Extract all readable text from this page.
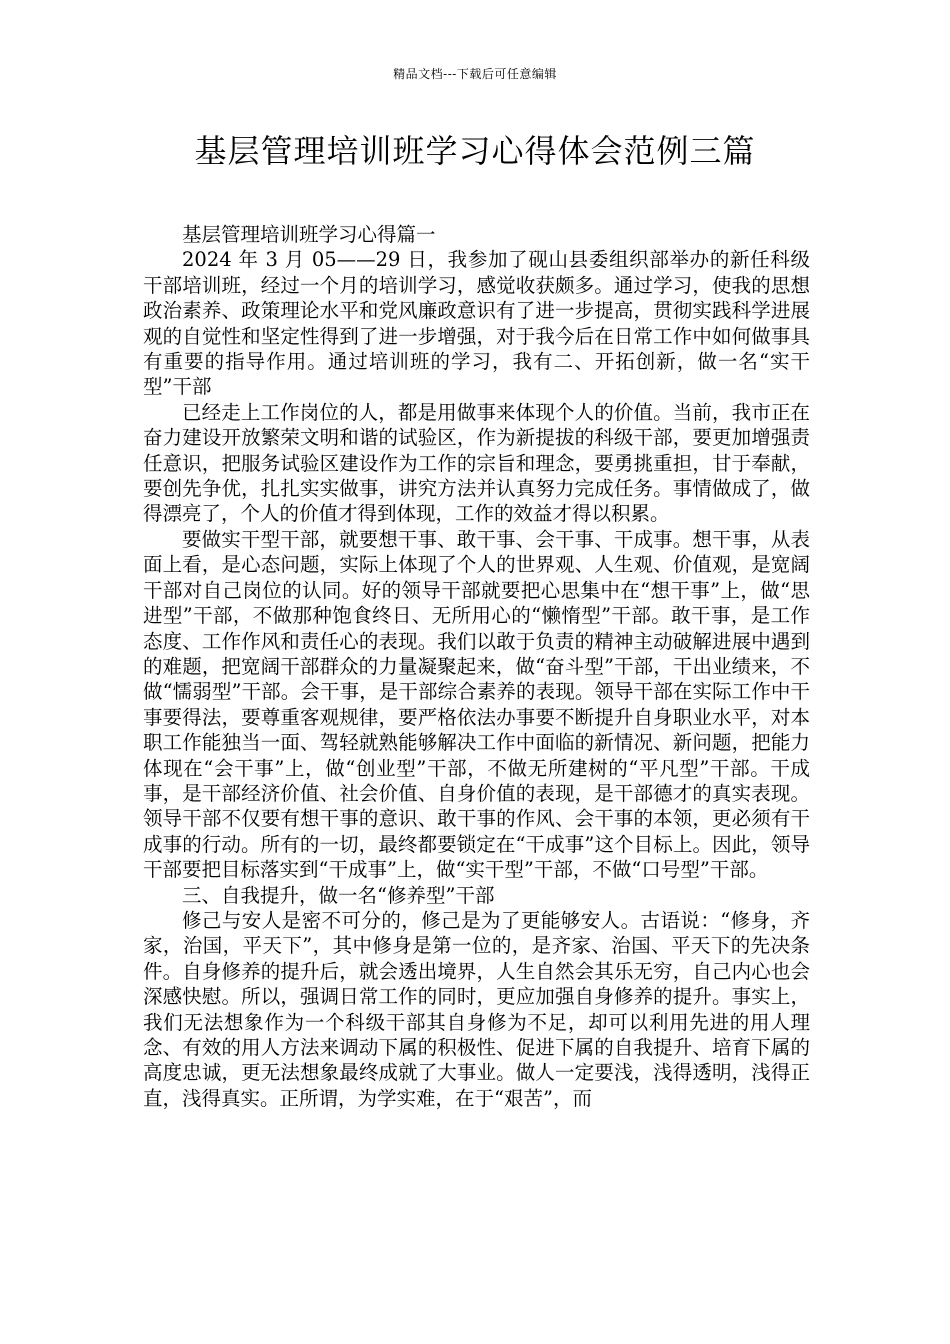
精品文档---下载后可任意编辑
基层管理培训班学习心得体会范例三篇

基层管理培训班学习心得篇一

2024 年 3 月 05——29 日，我参加了砚山县委组织部举办的新任科级干部培训班，经过一个月的培训学习，感觉收获颇多。通过学习，使我的思想政治素养、政策理论水平和党风廉政意识有了进一步提高，贯彻实践科学进展观的自觉性和坚定性得到了进一步增强，对于我今后在日常工作中如何做事具有重要的指导作用。通过培训班的学习，我有二、开拓创新，做一名“实干型”干部

已经走上工作岗位的人，都是用做事来体现个人的价值。当前，我市正在奋力建设开放繁荣文明和谐的试验区，作为新提拔的科级干部，要更加增强责任意识，把服务试验区建设作为工作的宗旨和理念，要勇挑重担，甘于奉献，要创先争优，扎扎实实做事，讲究方法并认真努力完成任务。事情做成了，做得漂亮了，个人的价值才得到体现，工作的效益才得以积累。

要做实干型干部，就要想干事、敢干事、会干事、干成事。想干事，从表面上看，是心态问题，实际上体现了个人的世界观、人生观、价值观，是宽阔干部对自己岗位的认同。好的领导干部就要把心思集中在“想干事”上，做“思进型”干部，不做那种饱食终日、无所用心的“懒惰型”干部。敢干事，是工作态度、工作作风和责任心的表现。我们以敢于负责的精神主动破解进展中遇到的难题，把宽阔干部群众的力量凝聚起来，做“奋斗型”干部，干出业绩来，不做“懦弱型”干部。会干事，是干部综合素养的表现。领导干部在实际工作中干事要得法，要尊重客观规律，要严格依法办事要不断提升自身职业水平，对本职工作能独当一面、驾轻就熟能够解决工作中面临的新情况、新问题，把能力体现在“会干事”上，做“创业型”干部，不做无所建树的“平凡型”干部。干成事，是干部经济价值、社会价值、自身价值的表现，是干部德才的真实表现。领导干部不仅要有想干事的意识、敢干事的作风、会干事的本领，更必须有干成事的行动。所有的一切，最终都要锁定在“干成事”这个目标上。因此，领导干部要把目标落实到“干成事”上，做“实干型”干部，不做“口号型”干部。

三、自我提升，做一名“修养型”干部

修己与安人是密不可分的，修己是为了更能够安人。古语说：“修身，齐家，治国，平天下”，其中修身是第一位的，是齐家、治国、平天下的先决条件。自身修养的提升后，就会透出境界，人生自然会其乐无穷，自己内心也会深感快慰。所以，强调日常工作的同时，更应加强自身修养的提升。事实上，我们无法想象作为一个科级干部其自身修为不足，却可以利用先进的用人理念、有效的用人方法来调动下属的积极性、促进下属的自我提升、培育下属的高度忠诚，更无法想象最终成就了大事业。做人一定要浅，浅得透明，浅得正直，浅得真实。正所谓，为学实难，在于“艰苦”，而
